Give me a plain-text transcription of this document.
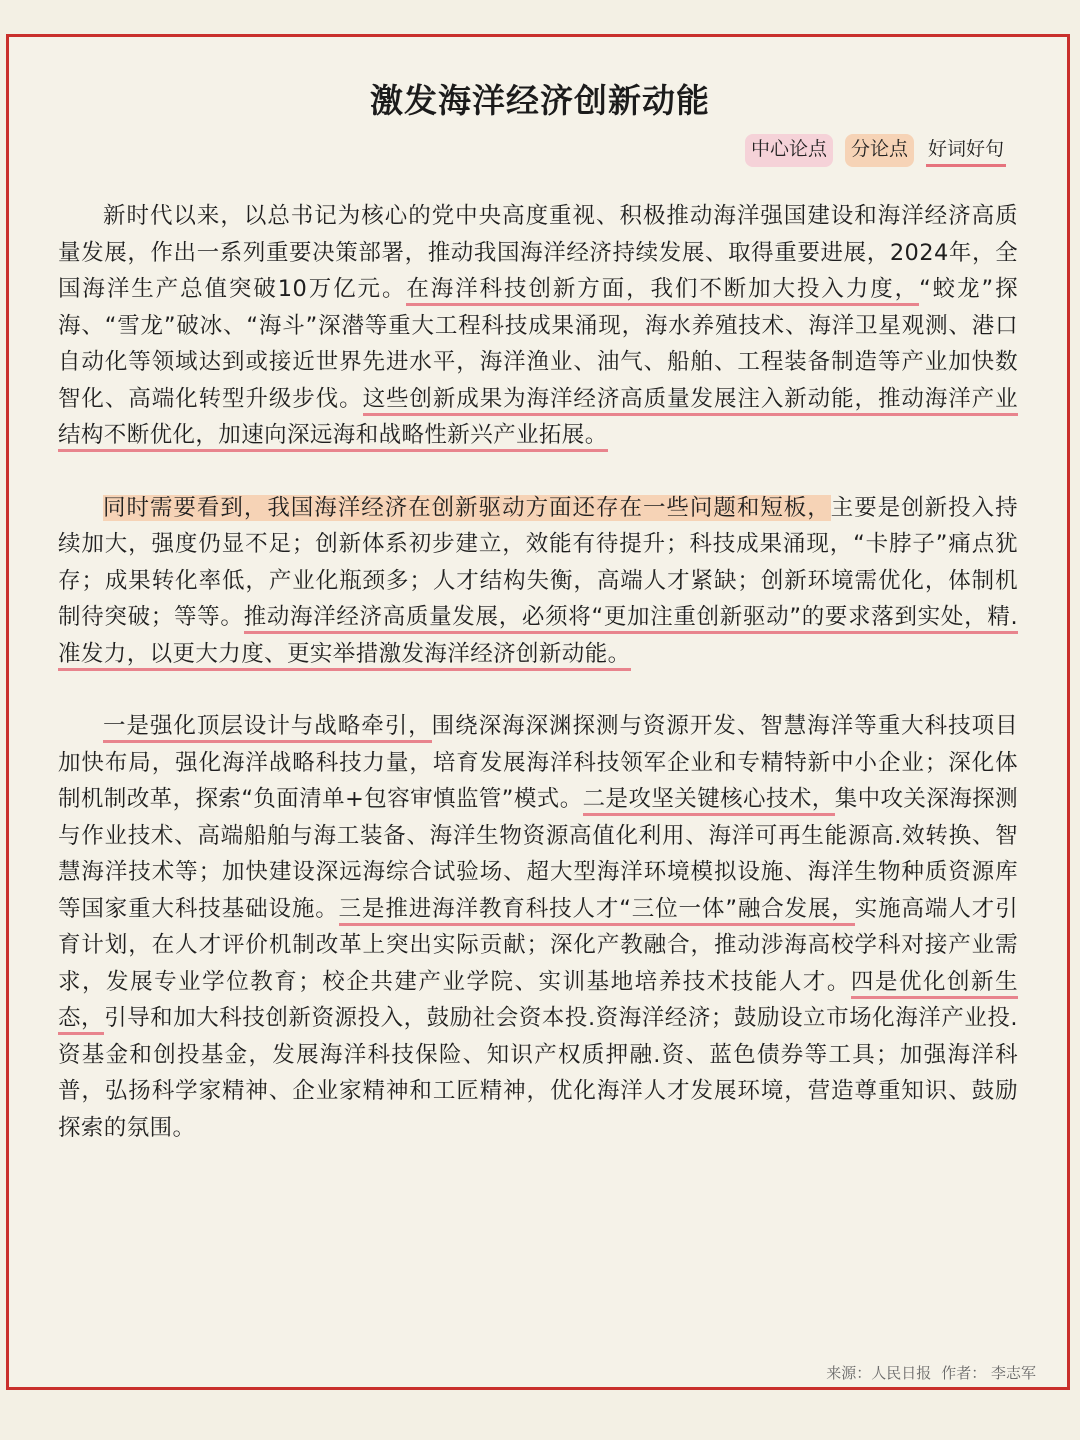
激发海洋经济创新动能
中心论点	分论点	好词好句

新时代以来，以总书记为核心的党中央高度重视、积极推动海洋强国建设和海洋经济高质量发展，作出一系列重要决策部署，推动我国海洋经济持续发展、取得重要进展，2024年，全国海洋生产总值突破10万亿元。在海洋科技创新方面，我们不断加大投入力度，“蛟龙”探海、“雪龙”破冰、“海斗”深潜等重大工程科技成果涌现，海水养殖技术、海洋卫星观测、港口自动化等领域达到或接近世界先进水平，海洋渔业、油气、船舶、工程装备制造等产业加快数智化、高端化转型升级步伐。这些创新成果为海洋经济高质量发展注入新动能，推动海洋产业结构不断优化，加速向深远海和战略性新兴产业拓展。

同时需要看到，我国海洋经济在创新驱动方面还存在一些问题和短板，主要是创新投入持续加大，强度仍显不足；创新体系初步建立，效能有待提升；科技成果涌现，“卡脖子”痛点犹存；成果转化率低，产业化瓶颈多；人才结构失衡，高端人才紧缺；创新环境需优化，体制机制待突破；等等。推动海洋经济高质量发展，必须将“更加注重创新驱动”的要求落到实处，精.准发力，以更大力度、更实举措激发海洋经济创新动能。

一是强化顶层设计与战略牵引，围绕深海深渊探测与资源开发、智慧海洋等重大科技项目加快布局，强化海洋战略科技力量，培育发展海洋科技领军企业和专精特新中小企业；深化体制机制改革，探索“负面清单+包容审慎监管”模式。二是攻坚关键核心技术，集中攻关深海探测与作业技术、高端船舶与海工装备、海洋生物资源高值化利用、海洋可再生能源高.效转换、智慧海洋技术等；加快建设深远海综合试验场、超大型海洋环境模拟设施、海洋生物种质资源库等国家重大科技基础设施。三是推进海洋教育科技人才“三位一体”融合发展，实施高端人才引育计划，在人才评价机制改革上突出实际贡献；深化产教融合，推动涉海高校学科对接产业需求，发展专业学位教育；校企共建产业学院、实训基地培养技术技能人才。四是优化创新生态，引导和加大科技创新资源投入，鼓励社会资本投.资海洋经济；鼓励设立市场化海洋产业投.资基金和创投基金，发展海洋科技保险、知识产权质押融.资、蓝色债券等工具；加强海洋科普，弘扬科学家精神、企业家精神和工匠精神，优化海洋人才发展环境，营造尊重知识、鼓励探索的氛围。

来源：人民日报 作者： 李志军
